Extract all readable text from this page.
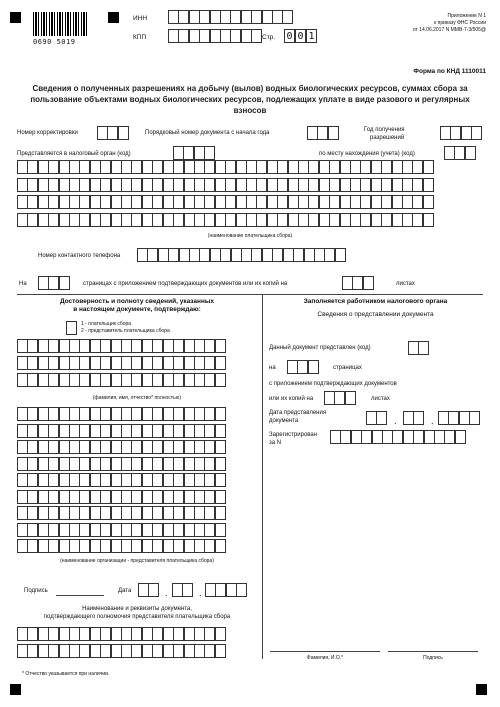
0690 5019
ИНН
КПП	Стр. 0 0 1
Приложение N 1
к приказу ФНС России
от 14.06.2017 N ММВ-7-3/505@
Форма по КНД 1110011
Сведения о полученных разрешениях на добычу (вылов) водных биологических ресурсов, суммах сбора за
пользование объектами водных биологических ресурсов, подлежащих уплате в виде разового и регулярных
взносов
Номер корректировки	Порядковый номер документа с начала года	Год получения
разрешений
Представляется в налоговый орган (код)	по месту нахождения (учета) (код)
(наименование плательщика сбора)
Номер контактного телефона
На	страницах с приложением подтверждающих документов или их копий на	листах
Достоверность и полноту сведений, указанных
в настоящем документе, подтверждаю:
1 - плательщик сбора
2 - представитель плательщика сбора
(фамилия, имя, отчество* полностью)
(наименование организации - представителя плательщика сбора)
Подпись	Дата	.	.
Наименование и реквизиты документа,
подтверждающего полномочия представителя плательщика сбора
Заполняется работником налогового органа
Сведения о представлении документа
Данный документ представлен (код)
на	страницах
с приложением подтверждающих документов
или их копий на	листах
Дата представления
документа	.	.
Зарегистрирован
за N
Фамилия, И.О.*	Подпись
* Отчество указывается при наличии.
